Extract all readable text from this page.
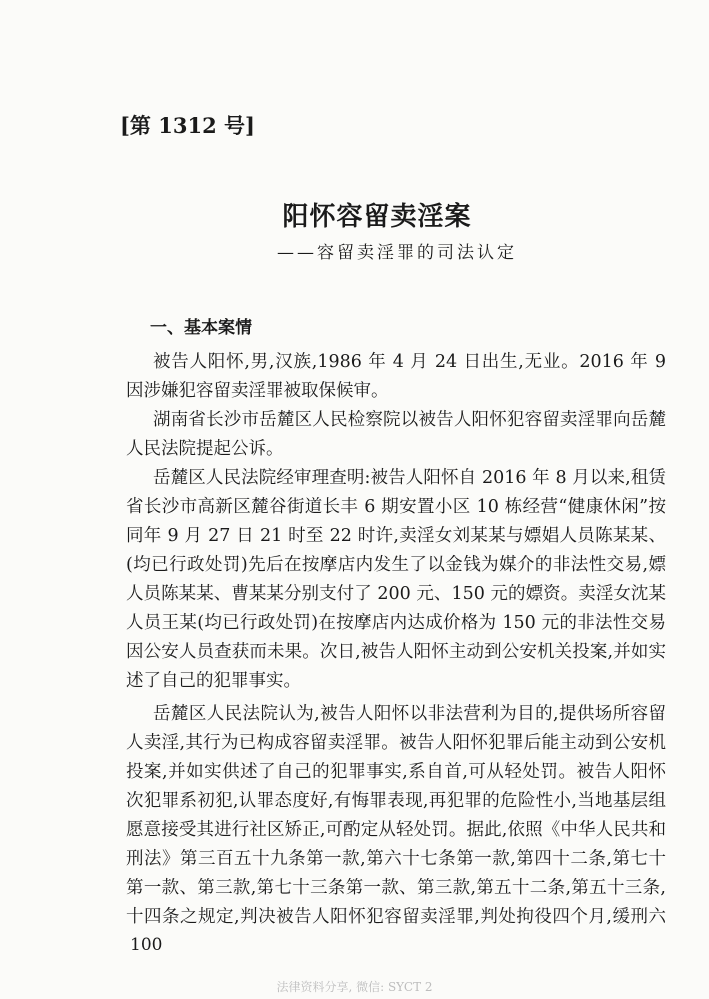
[第 1312 号]
阳怀容留卖淫案
——容留卖淫罪的司法认定
一、基本案情
被告人阳怀,男,汉族,1986 年 4 月 24 日出生,无业。2016 年 9
因涉嫌犯容留卖淫罪被取保候审。
湖南省长沙市岳麓区人民检察院以被告人阳怀犯容留卖淫罪向岳麓
人民法院提起公诉。
岳麓区人民法院经审理查明:被告人阳怀自 2016 年 8 月以来,租赁
省长沙市高新区麓谷街道长丰 6 期安置小区 10 栋经营“健康休闲”按
同年 9 月 27 日 21 时至 22 时许,卖淫女刘某某与嫖娼人员陈某某、
(均已行政处罚)先后在按摩店内发生了以金钱为媒介的非法性交易,嫖
人员陈某某、曹某某分别支付了 200 元、150 元的嫖资。卖淫女沈某
人员王某(均已行政处罚)在按摩店内达成价格为 150 元的非法性交易
因公安人员查获而未果。次日,被告人阳怀主动到公安机关投案,并如实
述了自己的犯罪事实。
岳麓区人民法院认为,被告人阳怀以非法营利为目的,提供场所容留
人卖淫,其行为已构成容留卖淫罪。被告人阳怀犯罪后能主动到公安机
投案,并如实供述了自己的犯罪事实,系自首,可从轻处罚。被告人阳怀
次犯罪系初犯,认罪态度好,有悔罪表现,再犯罪的危险性小,当地基层组
愿意接受其进行社区矫正,可酌定从轻处罚。据此,依照《中华人民共和
刑法》第三百五十九条第一款,第六十七条第一款,第四十二条,第七十
第一款、第三款,第七十三条第一款、第三款,第五十二条,第五十三条,
十四条之规定,判决被告人阳怀犯容留卖淫罪,判处拘役四个月,缓刑六
100
法律资料分享, 微信: SYCT 2
